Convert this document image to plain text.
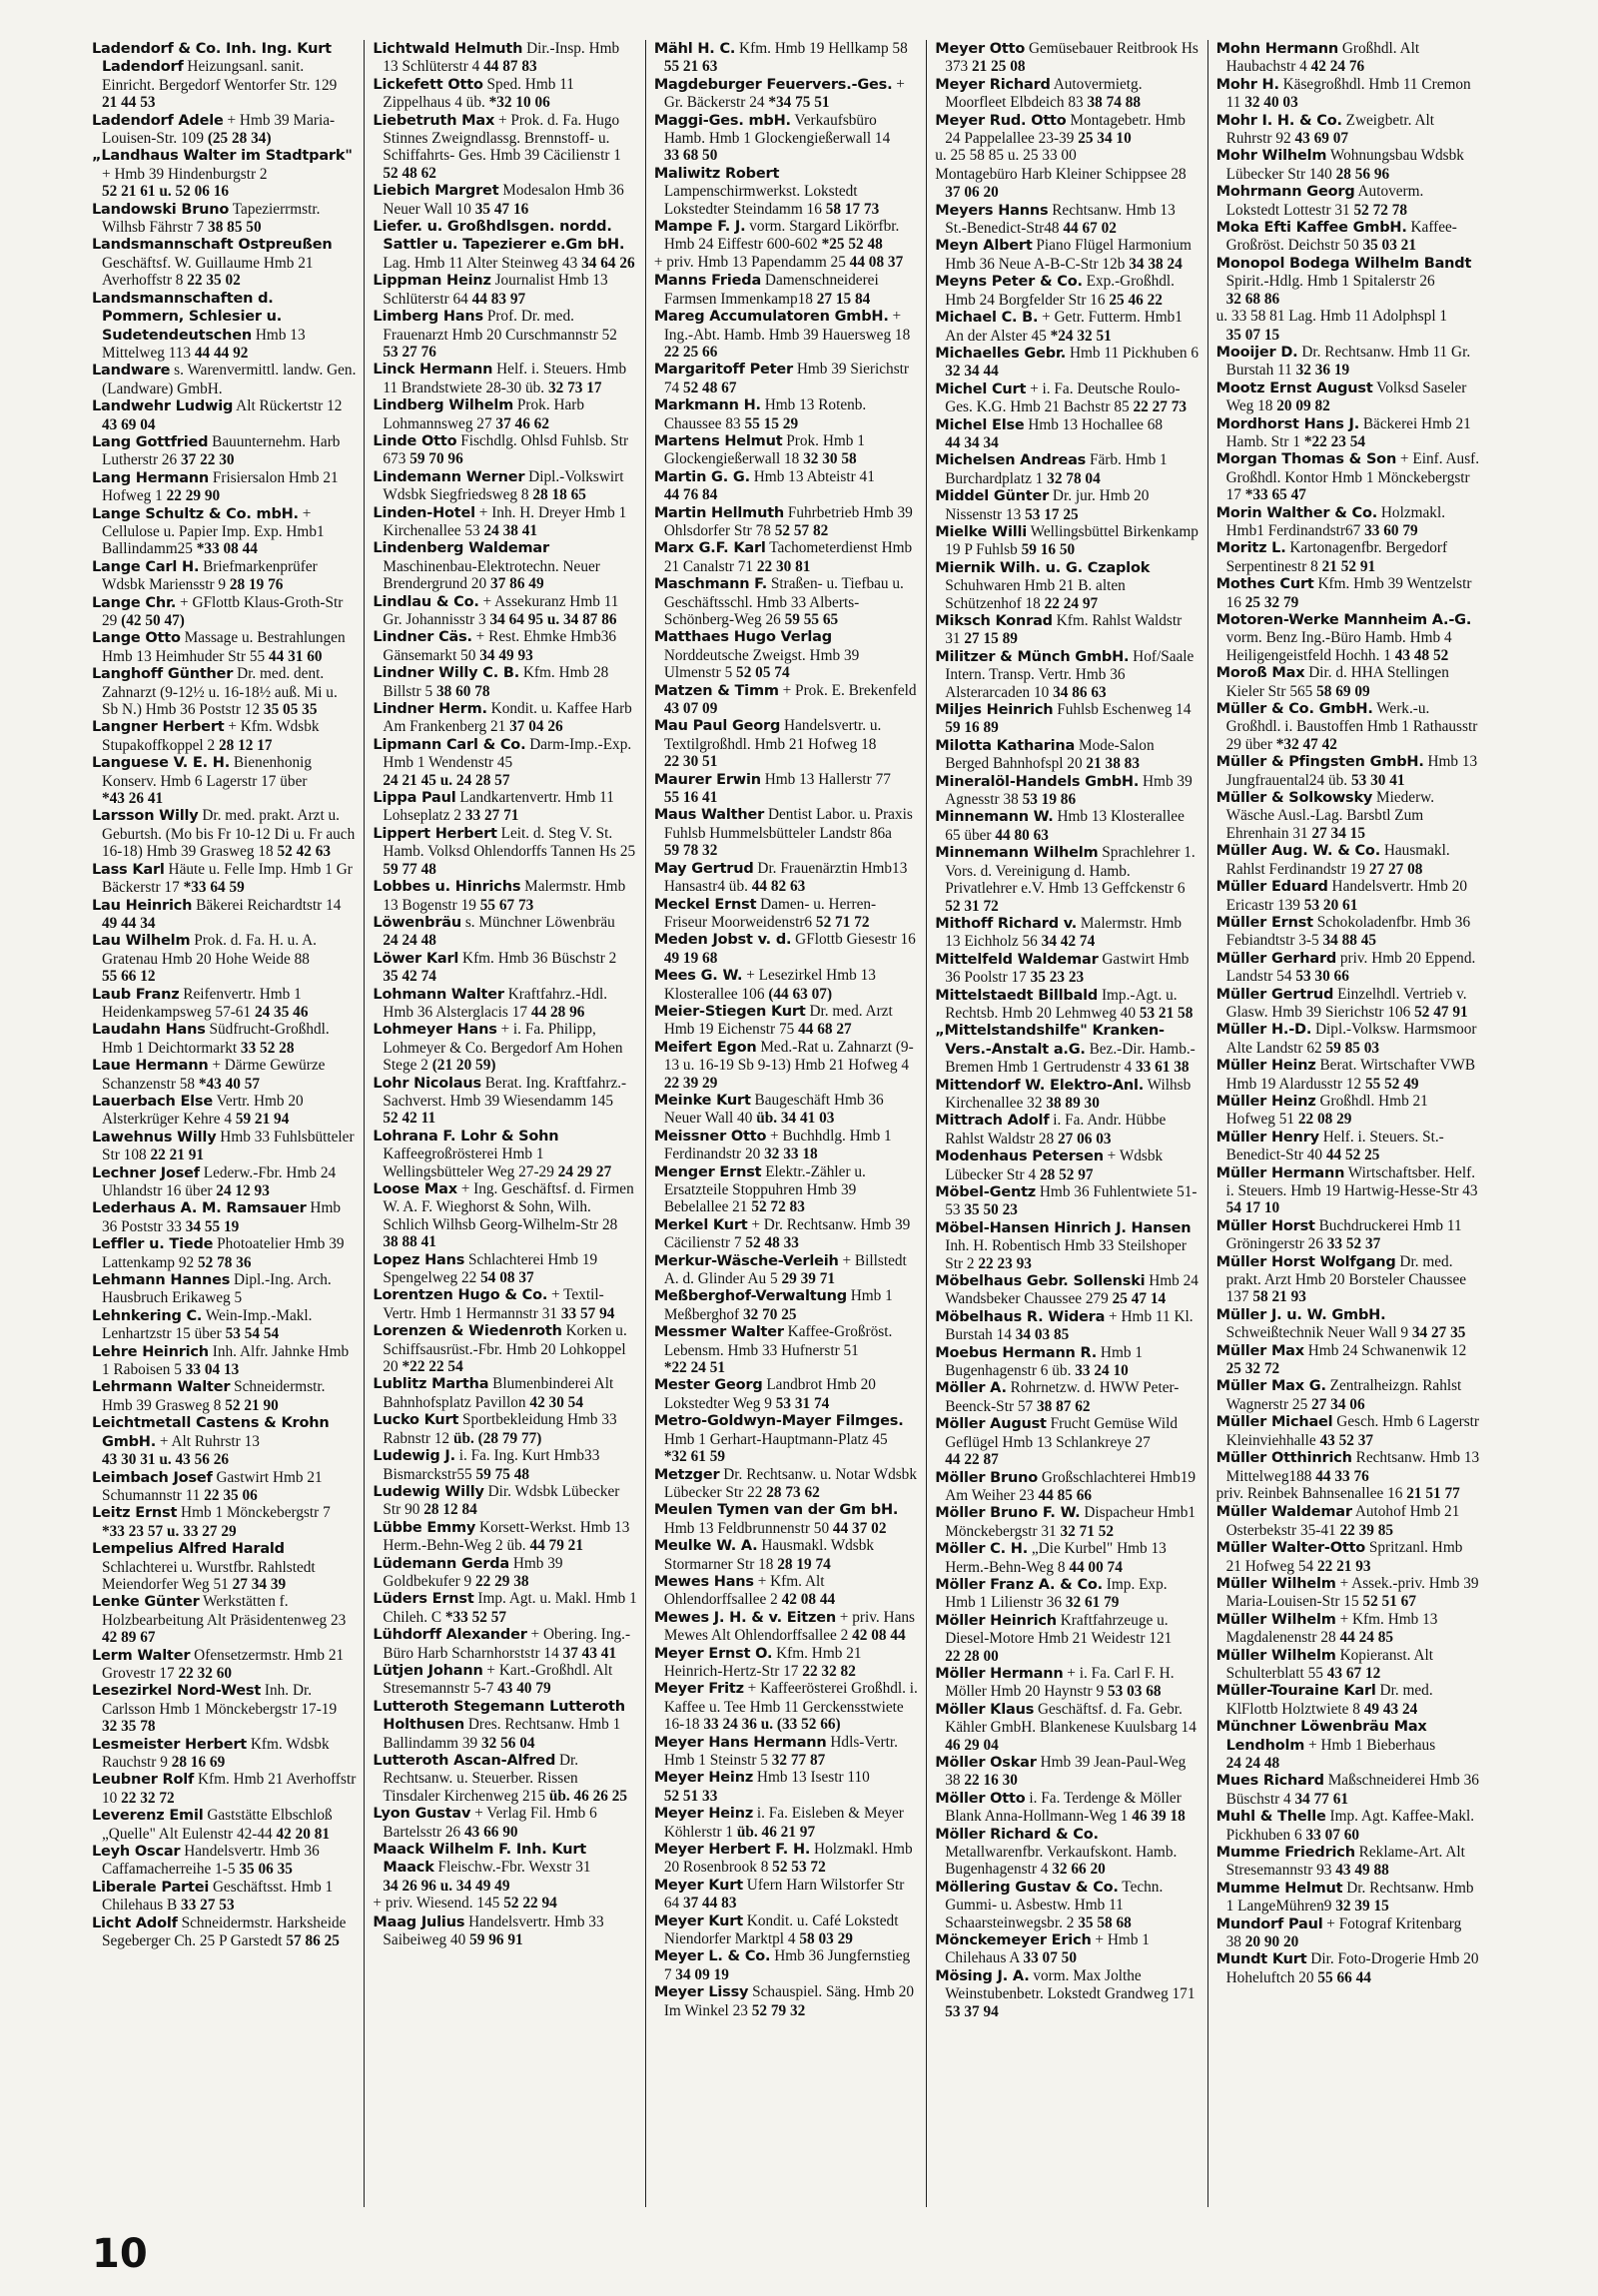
Ladendorf & Co. Inh. Ing. Kurt Ladendorf Heizungsanl. sanit. Einricht. Bergedorf Wentorfer Str. 129 21 44 53

Ladendorf Adele + Hmb 39 Maria-Louisen-Str. 109 (25 28 34)

„Landhaus Walter im Stadtpark" + Hmb 39 Hindenburgstr 2 52 21 61 u. 52 06 16

Landowski Bruno Tapezierrmstr. Wilhsb Fährstr 7 38 85 50

Landsmannschaft Ostpreußen Geschäftsf. W. Guillaume Hmb 21 Averhoffstr 8 22 35 02

Landsmannschaften d. Pommern, Schlesier u. Sudetendeutschen Hmb 13 Mittelweg 113 44 44 92

Landware s. Warenvermittl. landw. Gen. (Landware) GmbH.

Landwehr Ludwig Alt Rückertstr 12 43 69 04

Lang Gottfried Bauunternehm. Harb Lutherstr 26 37 22 30

Lang Hermann Frisiersalon Hmb 21 Hofweg 1 22 29 90

Lange Schultz & Co. mbH. + Cellulose u. Papier Imp. Exp. Hmb1 Ballindamm25 *33 08 44

Lange Carl H. Briefmarkenprüfer Wdsbk Mariensstr 9 28 19 76

Lange Chr. + GFlottb Klaus-Groth-Str 29 (42 50 47)

Lange Otto Massage u. Bestrahlungen Hmb 13 Heimhuder Str 55 44 31 60

Langhoff Günther Dr. med. dent. Zahnarzt (9-12½ u. 16-18½ auß. Mi u. Sb N.) Hmb 36 Poststr 12 35 05 35

Langner Herbert + Kfm. Wdsbk Stupakoffkoppel 2 28 12 17

Languese V. E. H. Bienenhonig Konserv. Hmb 6 Lagerstr 17 über *43 26 41

Larsson Willy Dr. med. prakt. Arzt u. Geburtsh. (Mo bis Fr 10-12 Di u. Fr auch 16-18) Hmb 39 Grasweg 18 52 42 63

Lass Karl Häute u. Felle Imp. Hmb 1 Gr Bäckerstr 17 *33 64 59

Lau Heinrich Bäkerei Reichardtstr 14 49 44 34

Lau Wilhelm Prok. d. Fa. H. u. A. Gratenau Hmb 20 Hohe Weide 88 55 66 12

Laub Franz Reifenvertr. Hmb 1 Heidenkampsweg 57-61 24 35 46

Laudahn Hans Südfrucht-Großhdl. Hmb 1 Deichtormarkt 33 52 28

Laue Hermann + Därme Gewürze Schanzenstr 58 *43 40 57

Lauerbach Else Vertr. Hmb 20 Alsterkrüger Kehre 4 59 21 94

Lawehnus Willy Hmb 33 Fuhlsbütteler Str 108 22 21 91

Lechner Josef Lederw.-Fbr. Hmb 24 Uhlandstr 16 über 24 12 93

Lederhaus A. M. Ramsauer Hmb 36 Poststr 33 34 55 19

Leffler u. Tiede Photoatelier Hmb 39 Lattenkamp 92 52 78 36

Lehmann Hannes Dipl.-Ing. Arch. Hausbruch Erikaweg 5

Lehnkering C. Wein-Imp.-Makl. Lenhartzstr 15 über 53 54 54

Lehre Heinrich Inh. Alfr. Jahnke Hmb 1 Raboisen 5 33 04 13

Lehrmann Walter Schneidermstr. Hmb 39 Grasweg 8 52 21 90

Leichtmetall Castens & Krohn GmbH. + Alt Ruhrstr 13 43 30 31 u. 43 56 26

Leimbach Josef Gastwirt Hmb 21 Schumannstr 11 22 35 06

Leitz Ernst Hmb 1 Mönckebergstr 7 *33 23 57 u. 33 27 29

Lempelius Alfred Harald Schlachterei u. Wurstfbr. Rahlstedt Meiendorfer Weg 51 27 34 39

Lenke Günter Werkstätten f. Holzbearbeitung Alt Präsidentenweg 23 42 89 67

Lerm Walter Ofensetzermstr. Hmb 21 Grovestr 17 22 32 60

Lesezirkel Nord-West Inh. Dr. Carlsson Hmb 1 Mönckebergstr 17-19 32 35 78

Lesmeister Herbert Kfm. Wdsbk Rauchstr 9 28 16 69

Leubner Rolf Kfm. Hmb 21 Averhoffstr 10 22 32 72

Leverenz Emil Gaststätte Elbschloß „Quelle" Alt Eulenstr 42-44 42 20 81

Leyh Oscar Handelsvertr. Hmb 36 Caffamacherreihe 1-5 35 06 35

Liberale Partei Geschäftsst. Hmb 1 Chilehaus B 33 27 53

Licht Adolf Schneidermstr. Harksheide Segeberger Ch. 25 P Garstedt 57 86 25

Lichtwald Helmuth Dir.-Insp. Hmb 13 Schlüterstr 4 44 87 83

Lickefett Otto Sped. Hmb 11 Zippelhaus 4 üb. *32 10 06

Liebetruth Max + Prok. d. Fa. Hugo Stinnes Zweigndlassg. Brennstoff- u. Schiffahrts- Ges. Hmb 39 Cäcilienstr 1 52 48 62

Liebich Margret Modesalon Hmb 36 Neuer Wall 10 35 47 16

Liefer. u. Großhdlsgen. nordd. Sattler u. Tapezierer e.Gm bH. Lag. Hmb 11 Alter Steinweg 43 34 64 26

Lippman Heinz Journalist Hmb 13 Schlüterstr 64 44 83 97

Limberg Hans Prof. Dr. med. Frauenarzt Hmb 20 Curschmannstr 52 53 27 76

Linck Hermann Helf. i. Steuers. Hmb 11 Brandstwiete 28-30 üb. 32 73 17

Lindberg Wilhelm Prok. Harb Lohmannsweg 27 37 46 62

Linde Otto Fischdlg. Ohlsd Fuhlsb. Str 673 59 70 96

Lindemann Werner Dipl.-Volkswirt Wdsbk Siegfriedsweg 8 28 18 65

Linden-Hotel + Inh. H. Dreyer Hmb 1 Kirchenallee 53 24 38 41

Lindenberg Waldemar Maschinenbau-Elektrotechn. Neuer Brendergrund 20 37 86 49

Lindlau & Co. + Assekuranz Hmb 11 Gr. Johannisstr 3 34 64 95 u. 34 87 86

Lindner Cäs. + Rest. Ehmke Hmb36 Gänsemarkt 50 34 49 93

Lindner Willy C. B. Kfm. Hmb 28 Billstr 5 38 60 78

Lindner Herm. Kondit. u. Kaffee Harb Am Frankenberg 21 37 04 26

Lipmann Carl & Co. Darm-Imp.-Exp. Hmb 1 Wendenstr 45 24 21 45 u. 24 28 57

Lippa Paul Landkartenvertr. Hmb 11 Lohseplatz 2 33 27 71

Lippert Herbert Leit. d. Steg V. St. Hamb. Volksd Ohlendorffs Tannen Hs 25 59 77 48

Lobbes u. Hinrichs Malermstr. Hmb 13 Bogenstr 19 55 67 73

Löwenbräu s. Münchner Löwenbräu 24 24 48

Löwer Karl Kfm. Hmb 36 Büschstr 2 35 42 74

Lohmann Walter Kraftfahrz.-Hdl. Hmb 36 Alsterglacis 17 44 28 96

Lohmeyer Hans + i. Fa. Philipp, Lohmeyer & Co. Bergedorf Am Hohen Stege 2 (21 20 59)

Lohr Nicolaus Berat. Ing. Kraftfahrz.-Sachverst. Hmb 39 Wiesendamm 145 52 42 11

Lohrana F. Lohr & Sohn Kaffeegroßrösterei Hmb 1 Wellingsbütteler Weg 27-29 24 29 27

Loose Max + Ing. Geschäftsf. d. Firmen W. A. F. Wieghorst & Sohn, Wilh. Schlich Wilhsb Georg-Wilhelm-Str 28 38 88 41

Lopez Hans Schlachterei Hmb 19 Spengelweg 22 54 08 37

Lorentzen Hugo & Co. + Textil-Vertr. Hmb 1 Hermannstr 31 33 57 94

Lorenzen & Wiedenroth Korken u. Schiffsausrüst.-Fbr. Hmb 20 Lohkoppel 20 *22 22 54

Lublitz Martha Blumenbinderei Alt Bahnhofsplatz Pavillon 42 30 54

Lucko Kurt Sportbekleidung Hmb 33 Rabnstr 12 üb. (28 79 77)

Ludewig J. i. Fa. Ing. Kurt Hmb33 Bismarckstr55 59 75 48

Ludewig Willy Dir. Wdsbk Lübecker Str 90 28 12 84

Lübbe Emmy Korsett-Werkst. Hmb 13 Herm.-Behn-Weg 2 üb. 44 79 21

Lüdemann Gerda Hmb 39 Goldbekufer 9 22 29 38

Lüders Ernst Imp. Agt. u. Makl. Hmb 1 Chileh. C *33 52 57

Lühdorff Alexander + Obering. Ing.-Büro Harb Scharnhorststr 14 37 43 41

Lütjen Johann + Kart.-Großhdl. Alt Stresemannstr 5-7 43 40 79

Lutteroth Stegemann Lutteroth Holthusen Dres. Rechtsanw. Hmb 1 Ballindamm 39 32 56 04

Lutteroth Ascan-Alfred Dr. Rechtsanw. u. Steuerber. Rissen Tinsdaler Kirchenweg 215 üb. 46 26 25

Lyon Gustav + Verlag Fil. Hmb 6 Bartelsstr 26 43 66 90

Maack Wilhelm F. Inh. Kurt Maack Fleischw.-Fbr. Wexstr 31 34 26 96 u. 34 49 49

+ priv. Wiesend. 145 52 22 94

Maag Julius Handelsvertr. Hmb 33 Saibeiweg 40 59 96 91

Mähl H. C. Kfm. Hmb 19 Hellkamp 58 55 21 63

Magdeburger Feuervers.-Ges. + Gr. Bäckerstr 24 *34 75 51

Maggi-Ges. mbH. Verkaufsbüro Hamb. Hmb 1 Glockengießerwall 14 33 68 50

Maliwitz Robert Lampenschirmwerkst. Lokstedt Lokstedter Steindamm 16 58 17 73

Mampe F. J. vorm. Stargard Likörfbr. Hmb 24 Eiffestr 600-602 *25 52 48

+ priv. Hmb 13 Papendamm 25 44 08 37

Manns Frieda Damenschneiderei Farmsen Immenkamp18 27 15 84

Mareg Accumulatoren GmbH. + Ing.-Abt. Hamb. Hmb 39 Hauersweg 18 22 25 66

Margaritoff Peter Hmb 39 Sierichstr 74 52 48 67

Markmann H. Hmb 13 Rotenb. Chaussee 83 55 15 29

Martens Helmut Prok. Hmb 1 Glockengießerwall 18 32 30 58

Martin G. G. Hmb 13 Abteistr 41 44 76 84

Martin Hellmuth Fuhrbetrieb Hmb 39 Ohlsdorfer Str 78 52 57 82

Marx G.F. Karl Tachometerdienst Hmb 21 Canalstr 71 22 30 81

Maschmann F. Straßen- u. Tiefbau u. Geschäftsschl. Hmb 33 Alberts-Schönberg-Weg 26 59 55 65

Matthaes Hugo Verlag Norddeutsche Zweigst. Hmb 39 Ulmenstr 5 52 05 74

Matzen & Timm + Prok. E. Brekenfeld 43 07 09

Mau Paul Georg Handelsvertr. u. Textilgroßhdl. Hmb 21 Hofweg 18 22 30 51

Maurer Erwin Hmb 13 Hallerstr 77 55 16 41

Maus Walther Dentist Labor. u. Praxis Fuhlsb Hummelsbütteler Landstr 86a 59 78 32

May Gertrud Dr. Frauenärztin Hmb13 Hansastr4 üb. 44 82 63

Meckel Ernst Damen- u. Herren-Friseur Moorweidenstr6 52 71 72

Meden Jobst v. d. GFlottb Giesestr 16 49 19 68

Mees G. W. + Lesezirkel Hmb 13 Klosterallee 106 (44 63 07)

Meier-Stiegen Kurt Dr. med. Arzt Hmb 19 Eichenstr 75 44 68 27

Meifert Egon Med.-Rat u. Zahnarzt (9-13 u. 16-19 Sb 9-13) Hmb 21 Hofweg 4 22 39 29

Meinke Kurt Baugeschäft Hmb 36 Neuer Wall 40 üb. 34 41 03

Meissner Otto + Buchhdlg. Hmb 1 Ferdinandstr 20 32 33 18

Menger Ernst Elektr.-Zähler u. Ersatzteile Stoppuhren Hmb 39 Bebelallee 21 52 72 83

Merkel Kurt + Dr. Rechtsanw. Hmb 39 Cäcilienstr 7 52 48 33

Merkur-Wäsche-Verleih + Billstedt A. d. Glinder Au 5 29 39 71

Meßberghof-Verwaltung Hmb 1 Meßberghof 32 70 25

Messmer Walter Kaffee-Großröst. Lebensm. Hmb 33 Hufnerstr 51 *22 24 51

Mester Georg Landbrot Hmb 20 Lokstedter Weg 9 53 31 74

Metro-Goldwyn-Mayer Filmges. Hmb 1 Gerhart-Hauptmann-Platz 45 *32 61 59

Metzger Dr. Rechtsanw. u. Notar Wdsbk Lübecker Str 22 28 73 62

Meulen Tymen van der Gm bH. Hmb 13 Feldbrunnenstr 50 44 37 02

Meulke W. A. Hausmakl. Wdsbk Stormarner Str 18 28 19 74

Mewes Hans + Kfm. Alt Ohlendorffsallee 2 42 08 44

Mewes J. H. & v. Eitzen + priv. Hans Mewes Alt Ohlendorffsallee 2 42 08 44

Meyer Ernst O. Kfm. Hmb 21 Heinrich-Hertz-Str 17 22 32 82

Meyer Fritz + Kaffeerösterei Großhdl. i. Kaffee u. Tee Hmb 11 Gerckensstwiete 16-18 33 24 36 u. (33 52 66)

Meyer Hans Hermann Hdls-Vertr. Hmb 1 Steinstr 5 32 77 87

Meyer Heinz Hmb 13 Isestr 110 52 51 33

Meyer Heinz i. Fa. Eisleben & Meyer Köhlerstr 1 üb. 46 21 97

Meyer Herbert F. H. Holzmakl. Hmb 20 Rosenbrook 8 52 53 72

Meyer Kurt Ufern Harn Wilstorfer Str 64 37 44 83

Meyer Kurt Kondit. u. Café Lokstedt Niendorfer Marktpl 4 58 03 29

Meyer L. & Co. Hmb 36 Jungfernstieg 7 34 09 19

Meyer Lissy Schauspiel. Säng. Hmb 20 Im Winkel 23 52 79 32

Meyer Otto Gemüsebauer Reitbrook Hs 373 21 25 08

Meyer Richard Autovermietg. Moorfleet Elbdeich 83 38 74 88

Meyer Rud. Otto Montagebetr. Hmb 24 Pappelallee 23-39 25 34 10

u. 25 58 85 u. 25 33 00

Montagebüro Harb Kleiner Schippsee 28 37 06 20

Meyers Hanns Rechtsanw. Hmb 13 St.-Benedict-Str48 44 67 02

Meyn Albert Piano Flügel Harmonium Hmb 36 Neue A-B-C-Str 12b 34 38 24

Meyns Peter & Co. Exp.-Großhdl. Hmb 24 Borgfelder Str 16 25 46 22

Michael C. B. + Getr. Futterm. Hmb1 An der Alster 45 *24 32 51

Michaelles Gebr. Hmb 11 Pickhuben 6 32 34 44

Michel Curt + i. Fa. Deutsche Roulo-Ges. K.G. Hmb 21 Bachstr 85 22 27 73

Michel Else Hmb 13 Hochallee 68 44 34 34

Michelsen Andreas Färb. Hmb 1 Burchardplatz 1 32 78 04

Middel Günter Dr. jur. Hmb 20 Nissenstr 13 53 17 25

Mielke Willi Wellingsbüttel Birkenkamp 19 P Fuhlsb 59 16 50

Miernik Wilh. u. G. Czaplok Schuhwaren Hmb 21 B. alten Schützenhof 18 22 24 97

Miksch Konrad Kfm. Rahlst Waldstr 31 27 15 89

Militzer & Münch GmbH. Hof/Saale Intern. Transp. Vertr. Hmb 36 Alsterarcaden 10 34 86 63

Miljes Heinrich Fuhlsb Eschenweg 14 59 16 89

Milotta Katharina Mode-Salon Berged Bahnhofspl 20 21 38 83

Mineralöl-Handels GmbH. Hmb 39 Agnesstr 38 53 19 86

Minnemann W. Hmb 13 Klosterallee 65 über 44 80 63

Minnemann Wilhelm Sprachlehrer 1. Vors. d. Vereinigung d. Hamb. Privatlehrer e.V. Hmb 13 Geffckenstr 6 52 31 72

Mithoff Richard v. Malermstr. Hmb 13 Eichholz 56 34 42 74

Mittelfeld Waldemar Gastwirt Hmb 36 Poolstr 17 35 23 23

Mittelstaedt Billbald Imp.-Agt. u. Rechtsb. Hmb 20 Lehmweg 40 53 21 58

„Mittelstandshilfe" Kranken-Vers.-Anstalt a.G. Bez.-Dir. Hamb.-Bremen Hmb 1 Gertrudenstr 4 33 61 38

Mittendorf W. Elektro-Anl. Wilhsb Kirchenallee 32 38 89 30

Mittrach Adolf i. Fa. Andr. Hübbe Rahlst Waldstr 28 27 06 03

Modenhaus Petersen + Wdsbk Lübecker Str 4 28 52 97

Möbel-Gentz Hmb 36 Fuhlentwiete 51-53 35 50 23

Möbel-Hansen Hinrich J. Hansen Inh. H. Robentisch Hmb 33 Steilshoper Str 2 22 23 93

Möbelhaus Gebr. Sollenski Hmb 24 Wandsbeker Chaussee 279 25 47 14

Möbelhaus R. Widera + Hmb 11 Kl. Burstah 14 34 03 85

Moebus Hermann R. Hmb 1 Bugenhagenstr 6 üb. 33 24 10

Möller A. Rohrnetzw. d. HWW Peter-Beenck-Str 57 38 87 62

Möller August Frucht Gemüse Wild Geflügel Hmb 13 Schlankreye 27 44 22 87

Möller Bruno Großschlachterei Hmb19 Am Weiher 23 44 85 66

Möller Bruno F. W. Dispacheur Hmb1 Mönckebergstr 31 32 71 52

Möller C. H. „Die Kurbel" Hmb 13 Herm.-Behn-Weg 8 44 00 74

Möller Franz A. & Co. Imp. Exp. Hmb 1 Lilienstr 36 32 61 79

Möller Heinrich Kraftfahrzeuge u. Diesel-Motore Hmb 21 Weidestr 121 22 28 00

Möller Hermann + i. Fa. Carl F. H. Möller Hmb 20 Haynstr 9 53 03 68

Möller Klaus Geschäftsf. d. Fa. Gebr. Kähler GmbH. Blankenese Kuulsbarg 14 46 29 04

Möller Oskar Hmb 39 Jean-Paul-Weg 38 22 16 30

Möller Otto i. Fa. Terdenge & Möller Blank Anna-Hollmann-Weg 1 46 39 18

Möller Richard & Co. Metallwarenfbr. Verkaufskont. Hamb. Bugenhagenstr 4 32 66 20

Möllering Gustav & Co. Techn. Gummi- u. Asbestw. Hmb 11 Schaarsteinwegsbr. 2 35 58 68

Mönckemeyer Erich + Hmb 1 Chilehaus A 33 07 50

Mösing J. A. vorm. Max Jolthe Weinstubenbetr. Lokstedt Grandweg 171 53 37 94

Mohn Hermann Großhdl. Alt Haubachstr 4 42 24 76

Mohr H. Käsegroßhdl. Hmb 11 Cremon 11 32 40 03

Mohr I. H. & Co. Zweigbetr. Alt Ruhrstr 92 43 69 07

Mohr Wilhelm Wohnungsbau Wdsbk Lübecker Str 140 28 56 96

Mohrmann Georg Autoverm. Lokstedt Lottestr 31 52 72 78

Moka Efti Kaffee GmbH. Kaffee-Großröst. Deichstr 50 35 03 21

Monopol Bodega Wilhelm Bandt Spirit.-Hdlg. Hmb 1 Spitalerstr 26 32 68 86

u. 33 58 81 Lag. Hmb 11 Adolphspl 1 35 07 15

Mooijer D. Dr. Rechtsanw. Hmb 11 Gr. Burstah 11 32 36 19

Mootz Ernst August Volksd Saseler Weg 18 20 09 82

Mordhorst Hans J. Bäckerei Hmb 21 Hamb. Str 1 *22 23 54

Morgan Thomas & Son + Einf. Ausf. Großhdl. Kontor Hmb 1 Mönckebergstr 17 *33 65 47

Morin Walther & Co. Holzmakl. Hmb1 Ferdinandstr67 33 60 79

Moritz L. Kartonagenfbr. Bergedorf Serpentinestr 8 21 52 91

Mothes Curt Kfm. Hmb 39 Wentzelstr 16 25 32 79

Motoren-Werke Mannheim A.-G. vorm. Benz Ing.-Büro Hamb. Hmb 4 Heiligengeistfeld Hochh. 1 43 48 52

Moroß Max Dir. d. HHA Stellingen Kieler Str 565 58 69 09

Müller & Co. GmbH. Werk.-u. Großhdl. i. Baustoffen Hmb 1 Rathausstr 29 über *32 47 42

Müller & Pfingsten GmbH. Hmb 13 Jungfrauental24 üb. 53 30 41

Müller & Solkowsky Miederw. Wäsche Ausl.-Lag. Barsbtl Zum Ehrenhain 31 27 34 15

Müller Aug. W. & Co. Hausmakl. Rahlst Ferdinandstr 19 27 27 08

Müller Eduard Handelsvertr. Hmb 20 Ericastr 139 53 20 61

Müller Ernst Schokoladenfbr. Hmb 36 Febiandtstr 3-5 34 88 45

Müller Gerhard priv. Hmb 20 Eppend. Landstr 54 53 30 66

Müller Gertrud Einzelhdl. Vertrieb v. Glasw. Hmb 39 Sierichstr 106 52 47 91

Müller H.-D. Dipl.-Volksw. Harmsmoor Alte Landstr 62 59 85 03

Müller Heinz Berat. Wirtschafter VWB Hmb 19 Alardusstr 12 55 52 49

Müller Heinz Großhdl. Hmb 21 Hofweg 51 22 08 29

Müller Henry Helf. i. Steuers. St.-Benedict-Str 40 44 52 25

Müller Hermann Wirtschaftsber. Helf. i. Steuers. Hmb 19 Hartwig-Hesse-Str 43 54 17 10

Müller Horst Buchdruckerei Hmb 11 Gröningerstr 26 33 52 37

Müller Horst Wolfgang Dr. med. prakt. Arzt Hmb 20 Borsteler Chaussee 137 58 21 93

Müller J. u. W. GmbH. Schweißtechnik Neuer Wall 9 34 27 35

Müller Max Hmb 24 Schwanenwik 12 25 32 72

Müller Max G. Zentralheizgn. Rahlst Wagnerstr 25 27 34 06

Müller Michael Gesch. Hmb 6 Lagerstr Kleinviehhalle 43 52 37

Müller Otthinrich Rechtsanw. Hmb 13 Mittelweg188 44 33 76

priv. Reinbek Bahnsenallee 16 21 51 77

Müller Waldemar Autohof Hmb 21 Osterbekstr 35-41 22 39 85

Müller Walter-Otto Spritzanl. Hmb 21 Hofweg 54 22 21 93

Müller Wilhelm + Assek.-priv. Hmb 39 Maria-Louisen-Str 15 52 51 67

Müller Wilhelm + Kfm. Hmb 13 Magdalenenstr 28 44 24 85

Müller Wilhelm Kopieranst. Alt Schulterblatt 55 43 67 12

Müller-Touraine Karl Dr. med. KlFlottb Holztwiete 8 49 43 24

Münchner Löwenbräu Max Lendholm + Hmb 1 Bieberhaus 24 24 48

Mues Richard Maßschneiderei Hmb 36 Büschstr 4 34 77 61

Muhl & Thelle Imp. Agt. Kaffee-Makl. Pickhuben 6 33 07 60

Mumme Friedrich Reklame-Art. Alt Stresemannstr 93 43 49 88

Mumme Helmut Dr. Rechtsanw. Hmb 1 LangeMühren9 32 39 15

Mundorf Paul + Fotograf Kritenbarg 38 20 90 20

Mundt Kurt Dir. Foto-Drogerie Hmb 20 Hoheluftch 20 55 66 44

10
